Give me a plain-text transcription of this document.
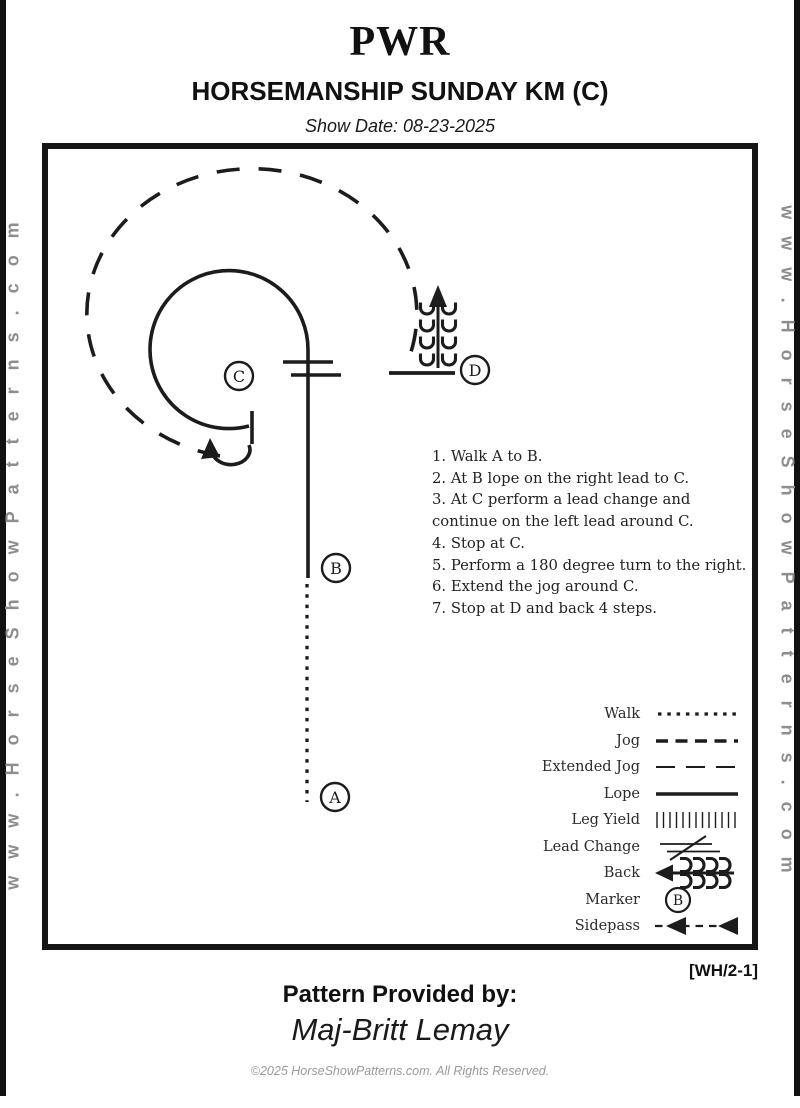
PWR
HORSEMANSHIP SUNDAY KM (C)
Show Date: 08-23-2025
www.HorseShowPatterns.com	www.HorseShowPatterns.com
C
B
A
D
1. Walk A to B.
2. At B lope on the right lead to C.
3. At C perform a lead change and continue on the left lead around C.
4. Stop at C.
5. Perform a 180 degree turn to the right.
6. Extend the jog around C.
7. Stop at D and back 4 steps.
Walk
Jog
Extended Jog
Lope
Leg Yield
Lead Change
Back
Marker	B
Sidepass
[WH/2-1]
Pattern Provided by:
Maj-Britt Lemay
©2025 HorseShowPatterns.com. All Rights Reserved.
